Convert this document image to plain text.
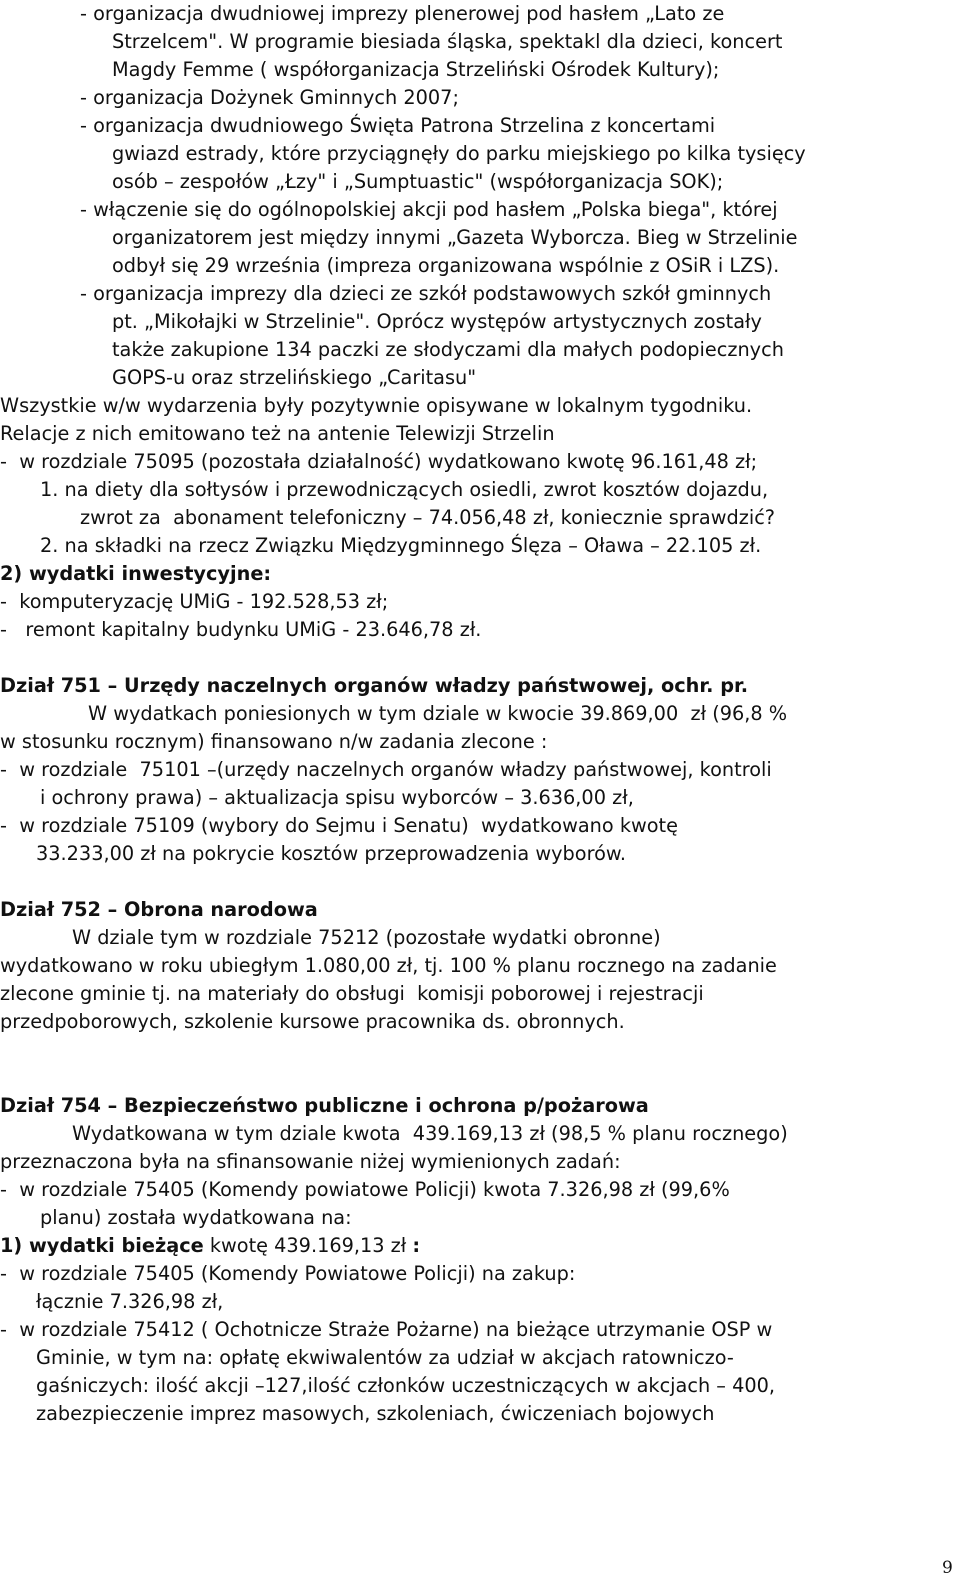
- organizacja dwudniowej imprezy plenerowej pod hasłem „Lato ze
Strzelcem". W programie biesiada śląska, spektakl dla dzieci, koncert
Magdy Femme ( współorganizacja Strzeliński Ośrodek Kultury);
- organizacja Dożynek Gminnych 2007;
- organizacja dwudniowego Święta Patrona Strzelina z koncertami
gwiazd estrady, które przyciągnęły do parku miejskiego po kilka tysięcy
osób – zespołów „Łzy" i „Sumptuastic" (współorganizacja SOK);
- włączenie się do ogólnopolskiej akcji pod hasłem „Polska biega", której
organizatorem jest między innymi „Gazeta Wyborcza. Bieg w Strzelinie
odbył się 29 września (impreza organizowana wspólnie z OSiR i LZS).
- organizacja imprezy dla dzieci ze szkół podstawowych szkół gminnych
pt. „Mikołajki w Strzelinie". Oprócz występów artystycznych zostały
także zakupione 134 paczki ze słodyczami dla małych podopiecznych
GOPS-u oraz strzelińskiego „Caritasu"
Wszystkie w/w wydarzenia były pozytywnie opisywane w lokalnym tygodniku.
Relacje z nich emitowano też na antenie Telewizji Strzelin
-  w rozdziale 75095 (pozostała działalność) wydatkowano kwotę 96.161,48 zł;
1. na diety dla sołtysów i przewodniczących osiedli, zwrot kosztów dojazdu,
zwrot za  abonament telefoniczny – 74.056,48 zł, koniecznie sprawdzić?
2. na składki na rzecz Związku Międzygminnego Ślęza – Oława – 22.105 zł.
2) wydatki inwestycyjne:
-  komputeryzację UMiG - 192.528,53 zł;
-   remont kapitalny budynku UMiG - 23.646,78 zł.
Dział 751 – Urzędy naczelnych organów władzy państwowej, ochr. pr.
W wydatkach poniesionych w tym dziale w kwocie 39.869,00  zł (96,8 %
w stosunku rocznym) finansowano n/w zadania zlecone :
-  w rozdziale  75101 –(urzędy naczelnych organów władzy państwowej, kontroli
i ochrony prawa) – aktualizacja spisu wyborców – 3.636,00 zł,
-  w rozdziale 75109 (wybory do Sejmu i Senatu)  wydatkowano kwotę
33.233,00 zł na pokrycie kosztów przeprowadzenia wyborów.
Dział 752 – Obrona narodowa
W dziale tym w rozdziale 75212 (pozostałe wydatki obronne)
wydatkowano w roku ubiegłym 1.080,00 zł, tj. 100 % planu rocznego na zadanie
zlecone gminie tj. na materiały do obsługi  komisji poborowej i rejestracji
przedpoborowych, szkolenie kursowe pracownika ds. obronnych.
Dział 754 – Bezpieczeństwo publiczne i ochrona p/pożarowa
Wydatkowana w tym dziale kwota  439.169,13 zł (98,5 % planu rocznego)
przeznaczona była na sfinansowanie niżej wymienionych zadań:
-  w rozdziale 75405 (Komendy powiatowe Policji) kwota 7.326,98 zł (99,6%
planu) została wydatkowana na:
1) wydatki bieżące kwotę 439.169,13 zł :
-  w rozdziale 75405 (Komendy Powiatowe Policji) na zakup:
łącznie 7.326,98 zł,
-  w rozdziale 75412 ( Ochotnicze Straże Pożarne) na bieżące utrzymanie OSP w
Gminie, w tym na: opłatę ekwiwalentów za udział w akcjach ratowniczo-
gaśniczych: ilość akcji –127,ilość członków uczestniczących w akcjach – 400,
zabezpieczenie imprez masowych, szkoleniach, ćwiczeniach bojowych
9
